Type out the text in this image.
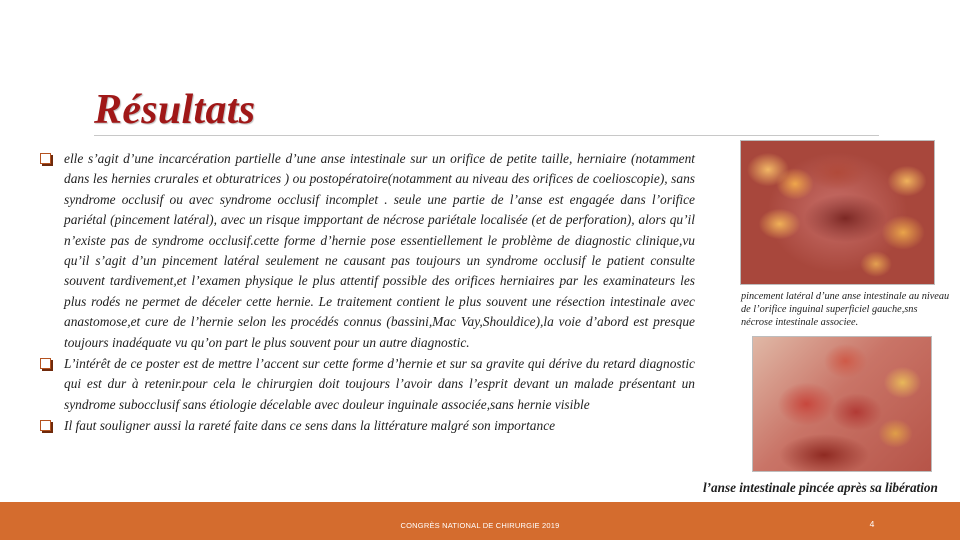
Résultats
elle s’agit d’une incarcération partielle d’une anse intestinale sur un orifice de petite taille, herniaire (notamment dans les hernies crurales et obturatrices ) ou postopératoire(notamment au niveau des orifices de coelioscopie), sans syndrome occlusif ou avec syndrome occlusif incomplet . seule une partie de l’anse est engagée dans l’orifice pariétal (pincement latéral), avec un risque impportant de nécrose pariétale localisée (et de perforation), alors qu’il n’existe pas de syndrome occlusif.cette forme d’hernie pose essentiellement le problème de diagnostic clinique,vu qu’il s’agit d’un pincement latéral seulement ne causant pas toujours un syndrome occlusif le patient consulte souvent tardivement,et l’examen physique le plus attentif possible des orifices herniaires par les examinateurs les plus rodés ne permet de déceler cette hernie. Le traitement contient le plus souvent une résection intestinale avec anastomose,et cure de l’hernie selon les procédés connus (bassini,Mac Vay,Shouldice),la voie d’abord est presque toujours inadéquate vu qu’on part le plus souvent pour un autre diagnostic.
L’intérêt de ce poster est de mettre l’accent sur cette forme d’hernie et sur sa gravite qui dérive du retard diagnostic qui est dur à retenir.pour cela le chirurgien doit toujours l’avoir dans l’esprit devant un malade présentant un syndrome subocclusif sans étiologie décelable avec douleur inguinale associée,sans hernie visible
Il faut souligner aussi la rareté faite dans ce sens dans la littérature malgré son importance
pincement latéral d’une anse intestinale au niveau de l’orifice inguinal superficiel gauche,sns nécrose intestinale associee.
l’anse intestinale pincée après sa libération
CONGRÈS NATIONAL DE CHIRURGIE 2019	4
